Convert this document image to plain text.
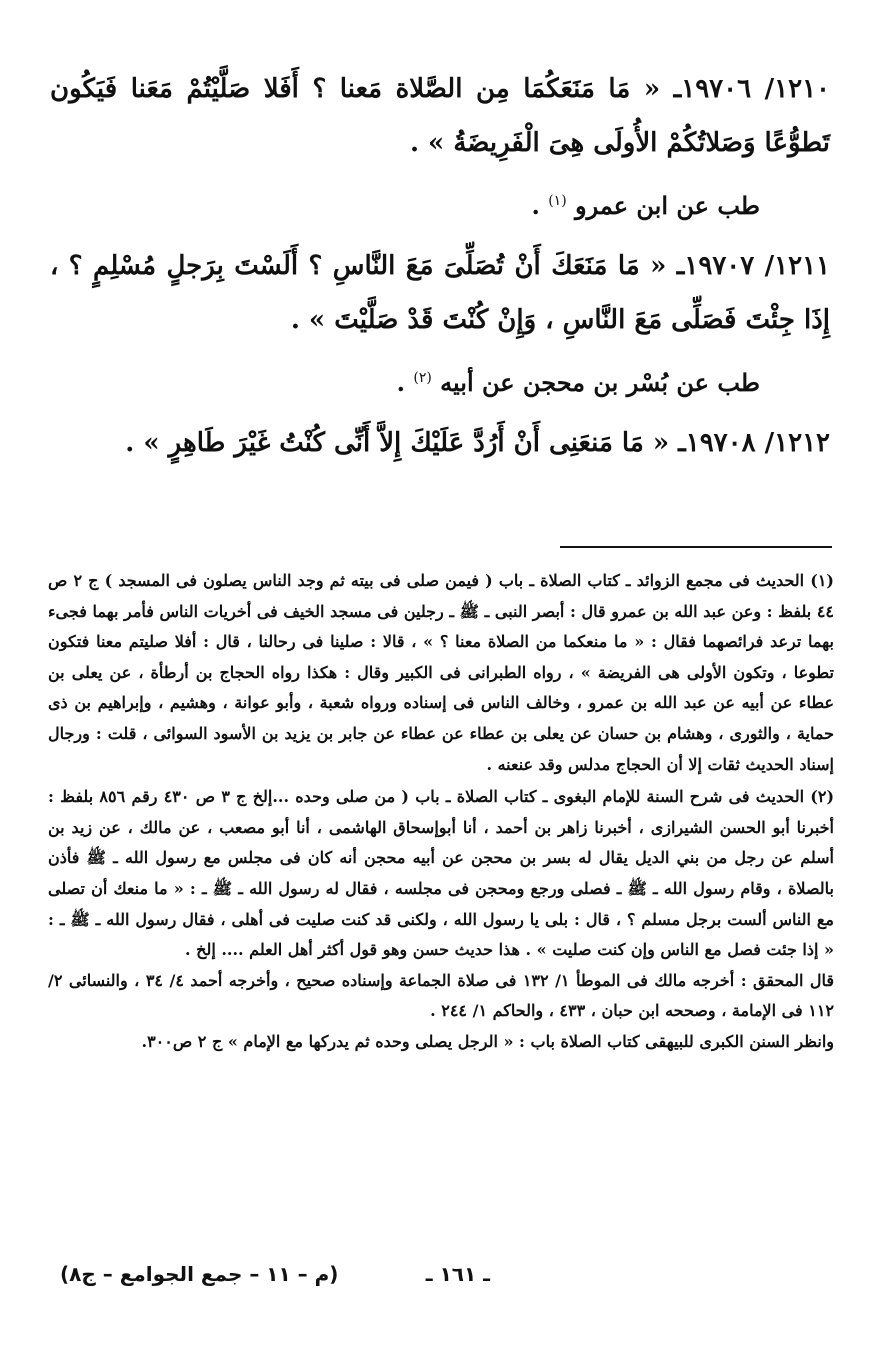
١٢١٠/ ١٩٧٠٦ـ « مَا مَنَعَكُمَا مِن الصَّلاة مَعنا ؟ أَفَلا صَلَّيْتُمْ مَعَنا فَيَكُون تَطوُّعًا وَصَلاتُكُمْ الأُولَى هِىَ الْفَرِيضَةُ » .

طب عن ابن عمرو $^{(١)}$ .

١٢١١/ ١٩٧٠٧ـ « مَا مَنَعَكَ أَنْ تُصَلِّىَ مَعَ النَّاسِ ؟ أَلَسْتَ بِرَجلٍ مُسْلِمٍ ؟ ، إِذَا جِئْتَ فَصَلِّى مَعَ النَّاسِ ، وَإِنْ كُنْتَ قَدْ صَلَّيْتَ » .

طب عن بُسْر بن محجن عن أبيه $^{(٢)}$ .

١٢١٢/ ١٩٧٠٨ـ « مَا مَنعَنِى أَنْ أَرُدَّ عَلَيْكَ إِلاَّ أَنِّى كُنْتُ غَيْرَ طَاهِرٍ » .

(١) الحديث فى مجمع الزوائد ـ كتاب الصلاة ـ باب ( فيمن صلى فى بيته ثم وجد الناس يصلون فى المسجد ) ج ٢ ص ٤٤ بلفظ : وعن عبد الله بن عمرو قال : أبصر النبى ـ ﷺ ـ رجلين فى مسجد الخيف فى أخريات الناس فأمر بهما فجىء بهما ترعد فرائصهما فقال : « ما منعكما من الصلاة معنا ؟ » ، قالا : صلينا فى رحالنا ، قال : أفلا صليتم معنا فتكون تطوعا ، وتكون الأولى هى الفريضة » ، رواه الطبرانى فى الكبير وقال : هكذا رواه الحجاج بن أرطأة ، عن يعلى بن عطاء عن أبيه عن عبد الله بن عمرو ، وخالف الناس فى إسناده ورواه شعبة ، وأبو عوانة ، وهشيم ، وإبراهيم بن ذى حماية ، والثورى ، وهشام بن حسان عن يعلى بن عطاء عن عطاء عن جابر بن يزيد بن الأسود السوائى ، قلت : ورجال إسناد الحديث ثقات إلا أن الحجاج مدلس وقد عنعنه .

(٢) الحديث فى شرح السنة للإمام البغوى ـ كتاب الصلاة ـ باب ( من صلى وحده ...إلخ ج ٣ ص ٤٣٠ رقم ٨٥٦ بلفظ : أخبرنا أبو الحسن الشيرازى ، أخبرنا زاهر بن أحمد ، أنا أبوإسحاق الهاشمى ، أنا أبو مصعب ، عن مالك ، عن زيد بن أسلم عن رجل من بني الديل يقال له بسر بن محجن عن أبيه محجن أنه كان فى مجلس مع رسول الله ـ ﷺ فأذن بالصلاة ، وقام رسول الله ـ ﷺ ـ فصلى ورجع ومحجن فى مجلسه ، فقال له رسول الله ـ ﷺ ـ : « ما منعك أن تصلى مع الناس ألست برجل مسلم ؟ ، قال : بلى يا رسول الله ، ولكنى قد كنت صليت فى أهلى ، فقال رسول الله ـ ﷺ ـ : « إذا جئت فصل مع الناس وإن كنت صليت » . هذا حديث حسن وهو قول أكثر أهل العلم .... إلخ .

قال المحقق : أخرجه مالك فى الموطأ ١/ ١٣٢ فى صلاة الجماعة وإسناده صحيح ، وأخرجه أحمد ٤/ ٣٤ ، والنسائى ٢/ ١١٢ فى الإمامة ، وصححه ابن حبان ، ٤٣٣ ، والحاكم ١/ ٢٤٤ .

وانظر السنن الكبرى للبيهقى كتاب الصلاة باب : « الرجل يصلى وحده ثم يدركها مع الإمام » ج ٢ ص٣٠٠.

ـ ١٦١ ـ
(م – ١١ – جمع الجوامع – ج٨)
